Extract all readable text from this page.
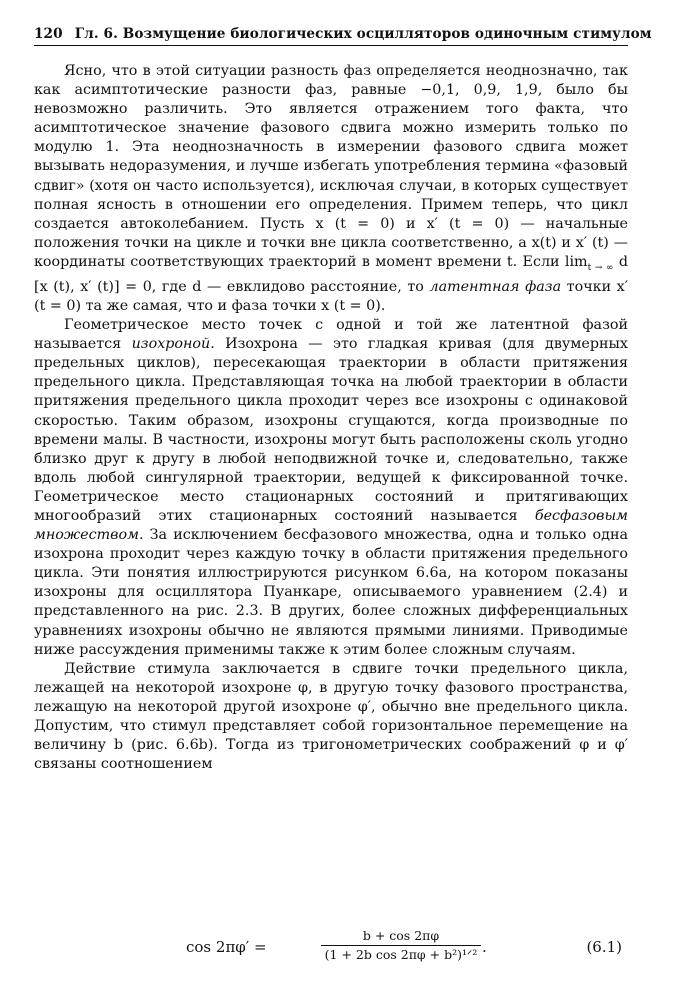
120 Гл. 6. Возмущение биологических осцилляторов одиночным стимулом

Ясно, что в этой ситуации разность фаз определяется неоднозначно, так как асимптотические разности фаз, равные −0,1, 0,9, 1,9, было бы невозможно различить. Это является отражением того факта, что асимптотическое значение фазового сдвига можно измерить только по модулю 1. Эта неоднозначность в измерении фазового сдвига может вызывать недоразумения, и лучше избегать употребления термина «фазовый сдвиг» (хотя он часто используется), исключая случаи, в которых существует полная ясность в отношении его определения. Примем теперь, что цикл создается автоколебанием. Пусть x (t = 0) и x′ (t = 0) — начальные положения точки на цикле и точки вне цикла соответственно, а x(t) и x′ (t) — координаты соответствующих траекторий в момент времени t. Если $\lim_{t \to \infty} d$ [x (t), x′ (t)] = 0, где d — евклидово расстояние, то латентная фаза точки x′ (t = 0) та же самая, что и фаза точки x (t = 0).

Геометрическое место точек с одной и той же латентной фазой называется изохроной. Изохрона — это гладкая кривая (для двумерных предельных циклов), пересекающая траектории в области притяжения предельного цикла. Представляющая точка на любой траектории в области притяжения предельного цикла проходит через все изохроны с одинаковой скоростью. Таким образом, изохроны сгущаются, когда производные по времени малы. В частности, изохроны могут быть расположены сколь угодно близко друг к другу в любой неподвижной точке и, следовательно, также вдоль любой сингулярной траектории, ведущей к фиксированной точке. Геометрическое место стационарных состояний и притягивающих многообразий этих стационарных состояний называется бесфазовым множеством. За исключением бесфазового множества, одна и только одна изохрона проходит через каждую точку в области притяжения предельного цикла. Эти понятия иллюстрируются рисунком 6.6а, на котором показаны изохроны для осциллятора Пуанкаре, описываемого уравнением (2.4) и представленного на рис. 2.3. В других, более сложных дифференциальных уравнениях изохроны обычно не являются прямыми линиями. Приводимые ниже рассуждения применимы также к этим более сложным случаям.

Действие стимула заключается в сдвиге точки предельного цикла, лежащей на некоторой изохроне φ, в другую точку фазового пространства, лежащую на некоторой другой изохроне φ′, обычно вне предельного цикла. Допустим, что стимул представляет собой горизонтальное перемещение на величину b (рис. 6.6b). Тогда из тригонометрических соображений φ и φ′ связаны соотношением

cos 2πφ′ =
b + cos 2πφ
(1 + 2b cos 2πφ + b²)¹ᐟ² .	(6.1)
